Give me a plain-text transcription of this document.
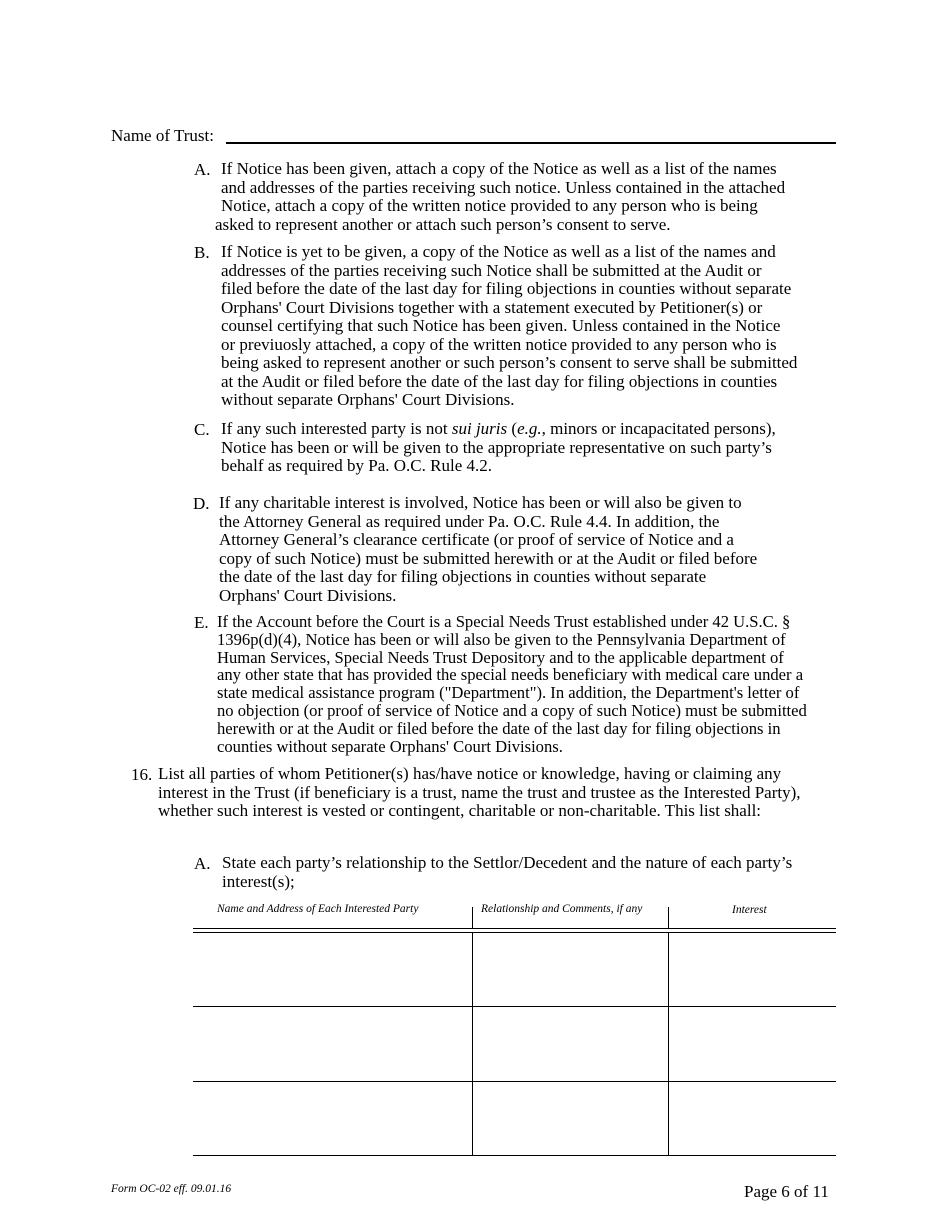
Name of Trust:
A. If Notice has been given, attach a copy of the Notice as well as a list of the names
and addresses of the parties receiving such notice. Unless contained in the attached
Notice, attach a copy of the written notice provided to any person who is being
asked to represent another or attach such person’s consent to serve.
B. If Notice is yet to be given, a copy of the Notice as well as a list of the names and
addresses of the parties receiving such Notice shall be submitted at the Audit or
filed before the date of the last day for filing objections in counties without separate
Orphans' Court Divisions together with a statement executed by Petitioner(s) or
counsel certifying that such Notice has been given. Unless contained in the Notice
or previuosly attached, a copy of the written notice provided to any person who is
being asked to represent another or such person’s consent to serve shall be submitted
at the Audit or filed before the date of the last day for filing objections in counties
without separate Orphans' Court Divisions.
C. If any such interested party is not sui juris (e.g., minors or incapacitated persons),
Notice has been or will be given to the appropriate representative on such party’s
behalf as required by Pa. O.C. Rule 4.2.
D. If any charitable interest is involved, Notice has been or will also be given to
the Attorney General as required under Pa. O.C. Rule 4.4. In addition, the
Attorney General’s clearance certificate (or proof of service of Notice and a
copy of such Notice) must be submitted herewith or at the Audit or filed before
the date of the last day for filing objections in counties without separate
Orphans' Court Divisions.
E. If the Account before the Court is a Special Needs Trust established under 42 U.S.C. §
1396p(d)(4), Notice has been or will also be given to the Pennsylvania Department of
Human Services, Special Needs Trust Depository and to the applicable department of
any other state that has provided the special needs beneficiary with medical care under a
state medical assistance program ("Department"). In addition, the Department's letter of
no objection (or proof of service of Notice and a copy of such Notice) must be submitted
herewith or at the Audit or filed before the date of the last day for filing objections in
counties without separate Orphans' Court Divisions.
16. List all parties of whom Petitioner(s) has/have notice or knowledge, having or claiming any
interest in the Trust (if beneficiary is a trust, name the trust and trustee as the Interested Party),
whether such interest is vested or contingent, charitable or non-charitable. This list shall:
A. State each party’s relationship to the Settlor/Decedent and the nature of each party’s
interest(s);
Name and Address of Each Interested Party	Relationship and Comments, if any	Interest
Form OC-02 eff. 09.01.16	Page 6 of 11
